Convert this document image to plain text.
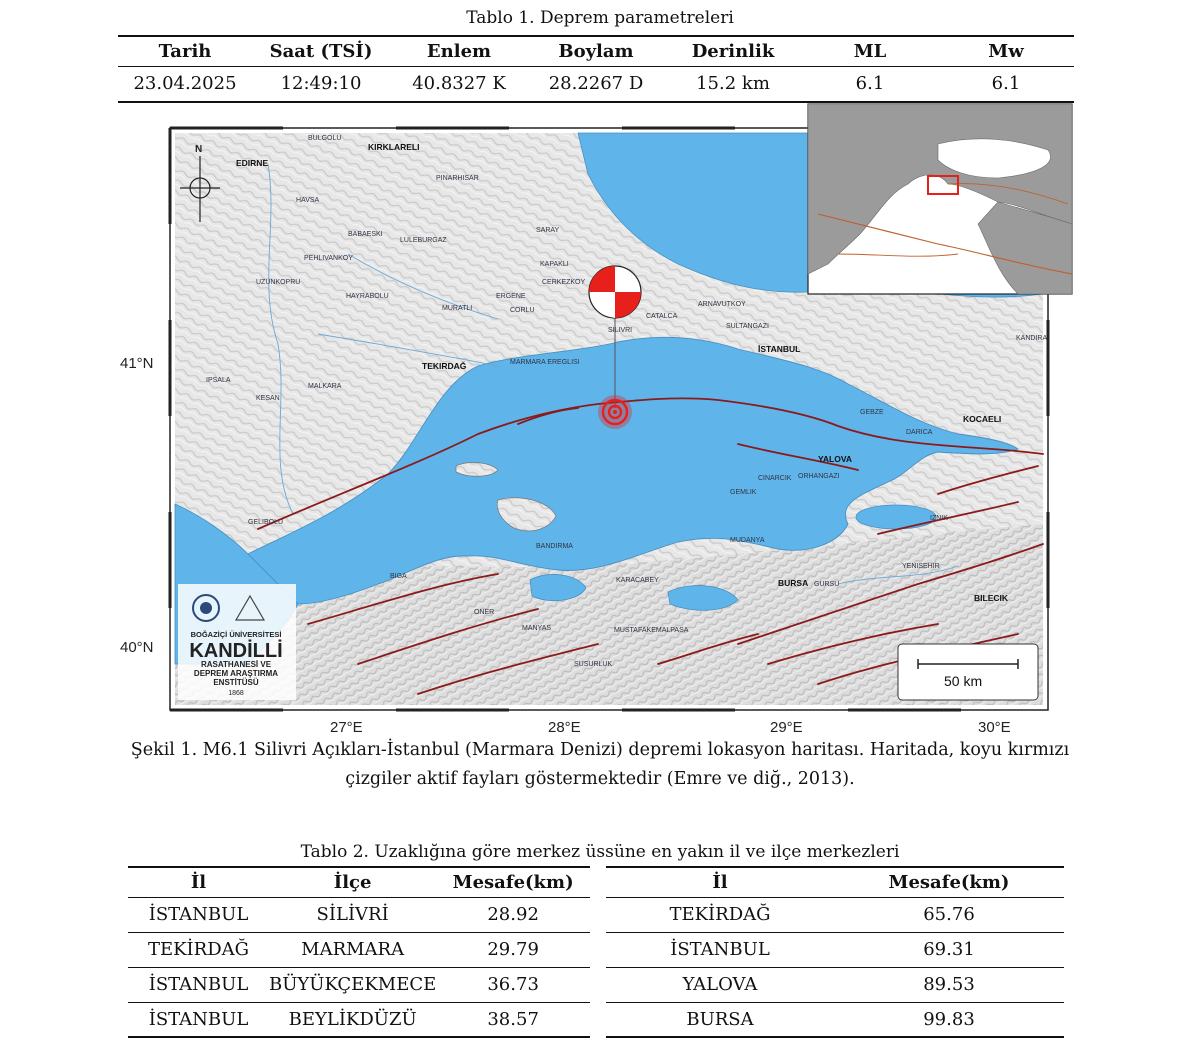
Tablo 1. Deprem parametreleri
Tarih	Saat (TSİ)	Enlem	Boylam	Derinlik	ML	Mw
23.04.2025	12:49:10	40.8327 K	28.2267 D	15.2 km	6.1	6.1
EDIRNE
KIRKLARELI
TEKIRDAĞ
İSTANBUL
KOCAELI
YALOVA
BURSA
BILECIK
BULGOLU
PINARHISAR
HAVSA
BABAESKI
LULEBURGAZ
SARAY
PEHLIVANKOY
KAPAKLI
UZUNKOPRU	CERKEZKOY
HAYRABOLU
MURATLI
ERGENE
CORLU
ARNAVUTKOY
SILIVRI
CATALCA
SULTANGAZI
MARMARA EREGLISI
MALKARA
KESAN
IPSALA
GEBZE
DARICA
GELIBOLU
GEMLIK
ORHANGAZI
IZNIK
BANDIRMA
MUDANYA
KARACABEY
MUSTAFAKEMALPASA
YENISEHIR
GURSU
BIGA
ONER
MANYAS
SUSURLUK
KANDIRA
CINARCIK
N
50 km
BOĞAZİÇİ ÜNİVERSİTESİ
KANDİLLİ
RASATHANESİ VE
DEPREM ARAŞTIRMA
ENSTİTÜSÜ
1868
41°N
40°N
27°E	28°E	29°E	30°E
Şekil 1. M6.1 Silivri Açıkları-İstanbul (Marmara Denizi) depremi lokasyon haritası. Haritada, koyu kırmızı
çizgiler aktif fayları göstermektedir (Emre ve diğ., 2013).
Tablo 2. Uzaklığına göre merkez üssüne en yakın il ve ilçe merkezleri
İl	İlçe	Mesafe(km)
İSTANBUL	SİLİVRİ	28.92
TEKİRDAĞ	MARMARA	29.79
İSTANBUL	BÜYÜKÇEKMECE	36.73
İSTANBUL	BEYLİKDÜZÜ	38.57
İl	Mesafe(km)
TEKİRDAĞ	65.76
İSTANBUL	69.31
YALOVA	89.53
BURSA	99.83
